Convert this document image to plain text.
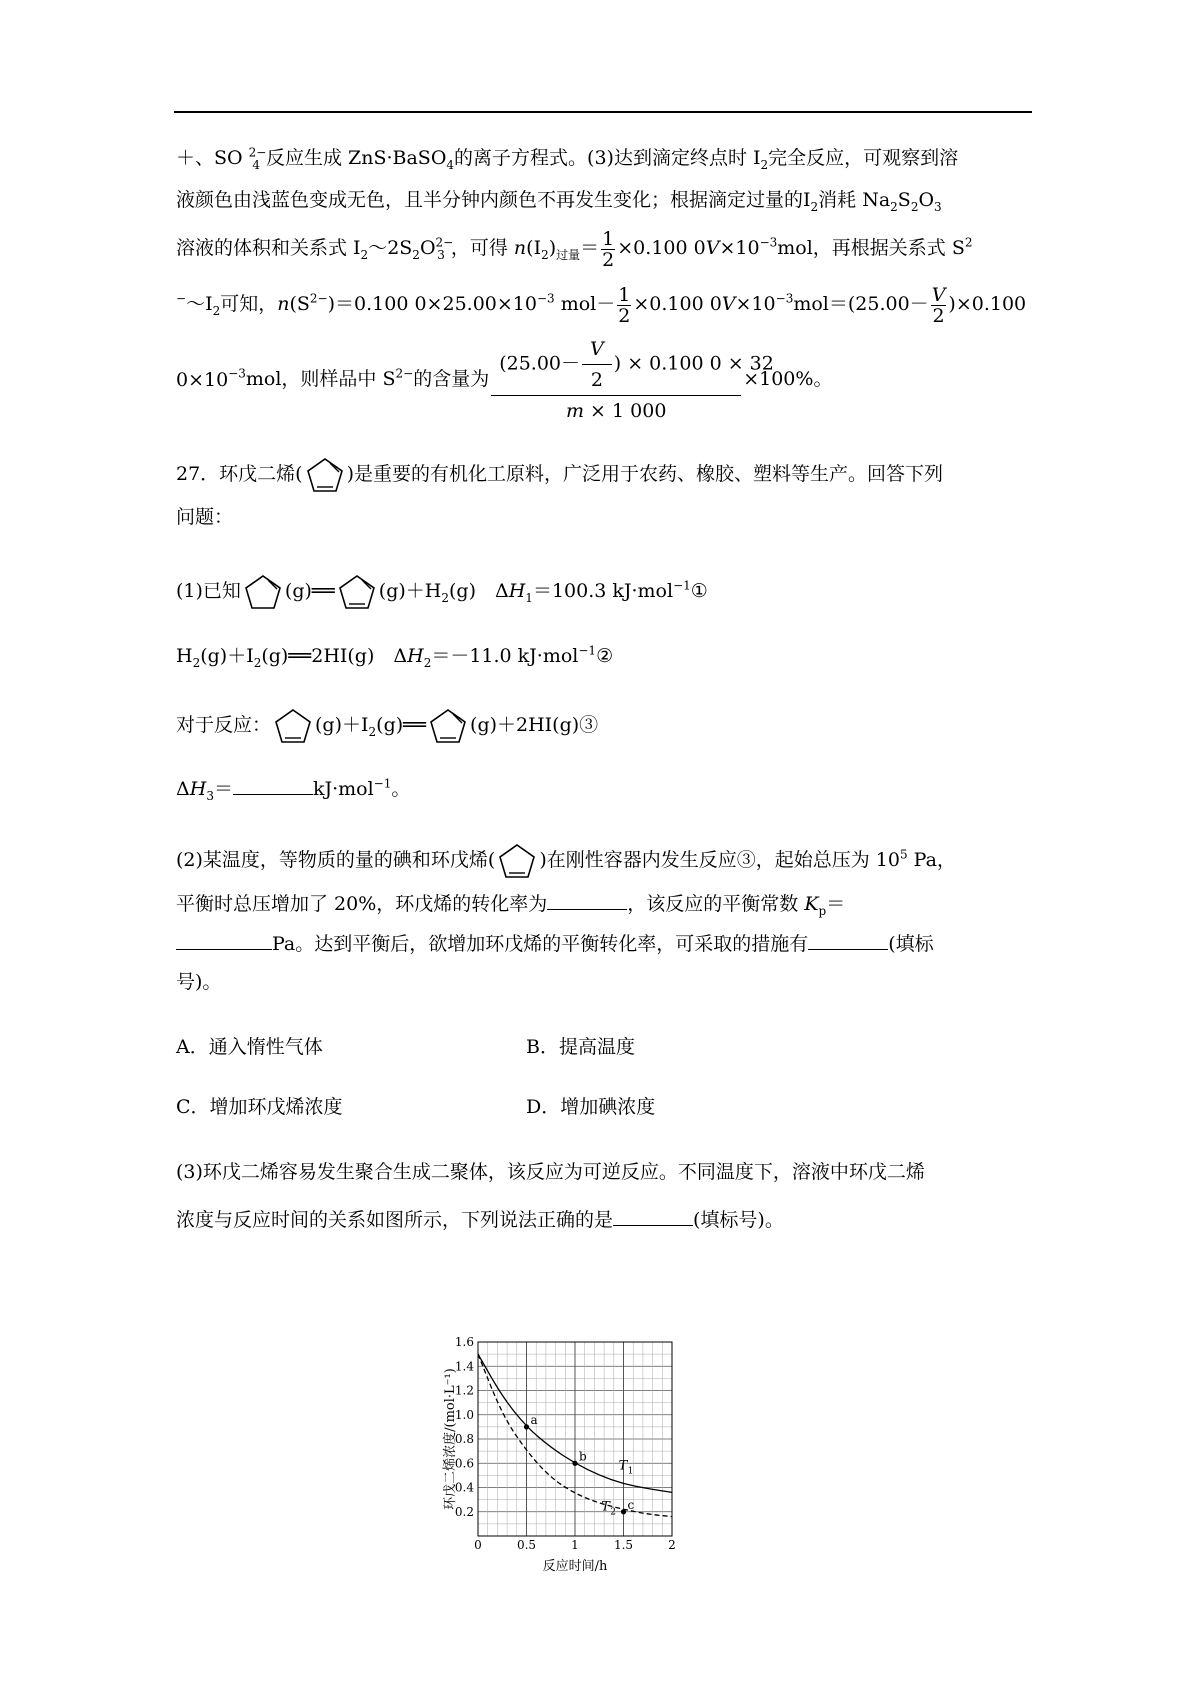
＋、SO $^{2-}_4$ 反应生成 ZnS·BaSO$_4$的离子方程式。(3)达到滴定终点时 $I_2$完全反应，可观察到溶
液颜色由浅蓝色变成无色，且半分钟内颜色不再发生变化；根据滴定过量的$I_2$消耗 $Na_2S_2O_3$
溶液的体积和关系式 $I_2\sim 2S_2O^{2-}_3$ ，可得 $n(I_2)_{过量}= \frac{1}{2} \times 0.100$ $0V\times 10^{-3}mol$，再根据关系式 $S^2$
$^-\sim I_2$可知，$n(S^{2-})=0.100$ $0\times 25.00\times 10^{-3}$ $mol- \frac{1}{2} \times 0.100$ $0V\times 10^{-3}mol=(25.00- \frac{V}{2} )\times 0.100$
$0\times 10^{-3}mol$，则样品中 $S^{2-}$的含量为 $\frac{(25.00- \frac{V}{2} ) \times 0.100 0 \times 32}{m \times 1 000} \times 100\%$。
27．环戊二烯( )是重要的有机化工原料，广泛用于农药、橡胶、塑料等生产。回答下列
问题：
(1)已知 (g)══ $(g)+H_2(g)$　$\Delta H_1=100.3$ kJ·mol$^{-1}$①
$H_2(g)+I_2(g)══2HI(g)$　$\Delta H_2=-11.0$ kJ·mol$^{-1}$②
对于反应： $(g)+I_2(g)══$ (g)＋2HI(g)③
$\Delta H_3=$	kJ·mol$^{-1}$。
(2)某温度，等物质的量的碘和环戊烯( )在刚性容器内发生反应③，起始总压为 $10^5$ Pa，
平衡时总压增加了 20%，环戊烯的转化率为	，该反应的平衡常数 $K_p=$
Pa。达到平衡后，欲增加环戊烯的平衡转化率，可采取的措施有	(填标
号)。
A．通入惰性气体	B．提高温度
C．增加环戊烯浓度	D．增加碘浓度
(3)环戊二烯容易发生聚合生成二聚体，该反应为可逆反应。不同温度下，溶液中环戊二烯
浓度与反应时间的关系如图所示，下列说法正确的是	(填标号)。
0.2
0.4
0.6
0.8
1.0
1.2
1.4
1.6
0	0.5	1	1.5	2
反应时间/h
环戊二烯浓度/(mol·L⁻¹)	a
b
c
T 1
T 2
